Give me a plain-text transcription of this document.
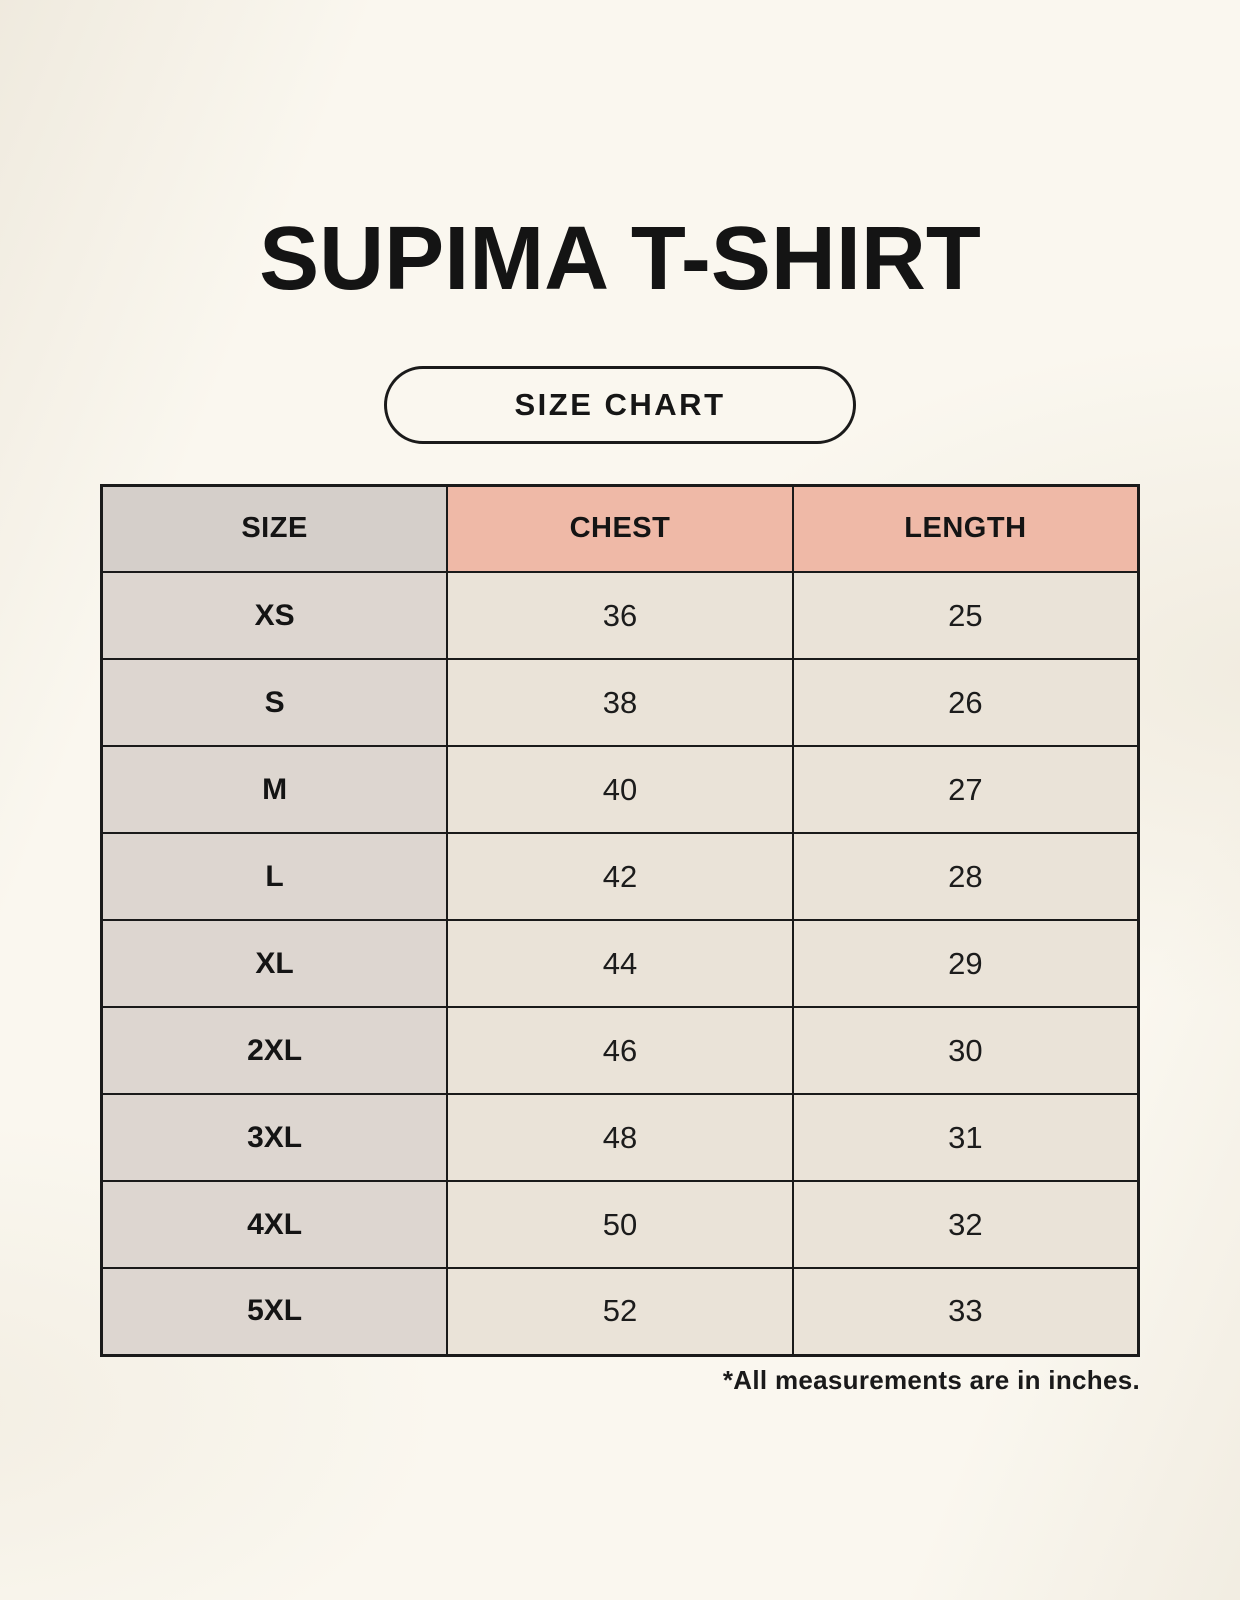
SUPIMA T-SHIRT
SIZE CHART
SIZE	CHEST	LENGTH
XS	36	25
S	38	26
M	40	27
L	42	28
XL	44	29
2XL	46	30
3XL	48	31
4XL	50	32
5XL	52	33
*All measurements are in inches.
